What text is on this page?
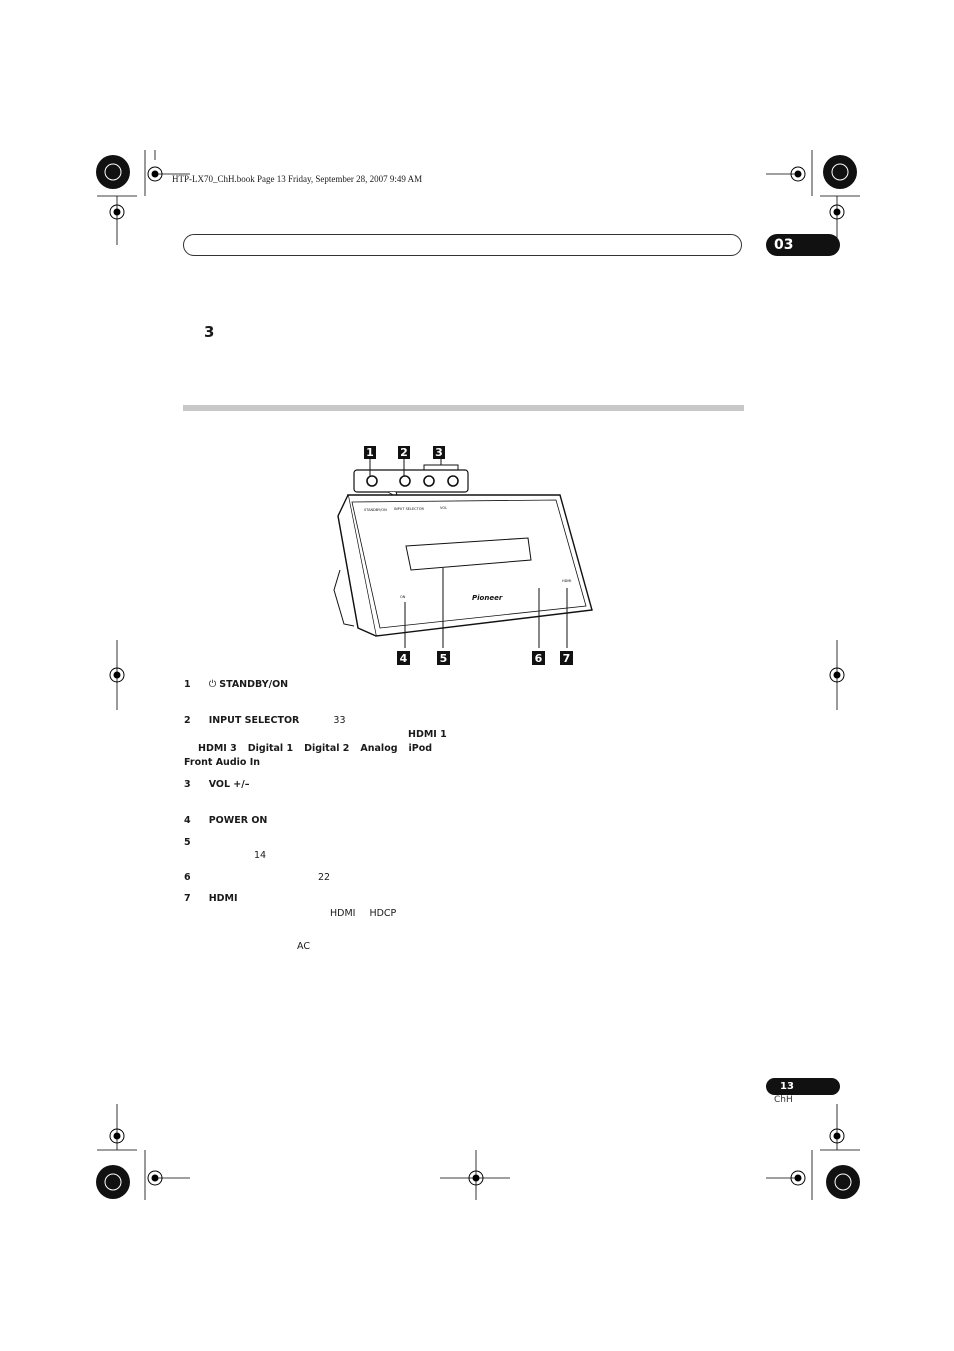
HTP-LX70_ChH.book Page 13 Friday, September 28, 2007 9:49 AM
03
3
1 2 3
STANDBY/ON INPUT SELECTOR	VOL
ON
HDMI
Pioneer
4	5	6 7
1 ⏻ STANDBY/ON
2 INPUT SELECTOR	33
HDMI 1
HDMI 3 Digital 1 Digital 2 Analog iPod
Front Audio In
3 VOL +/–
4 POWER ON
5
14
6	22
7 HDMI
HDMI HDCP
AC
13
ChH
